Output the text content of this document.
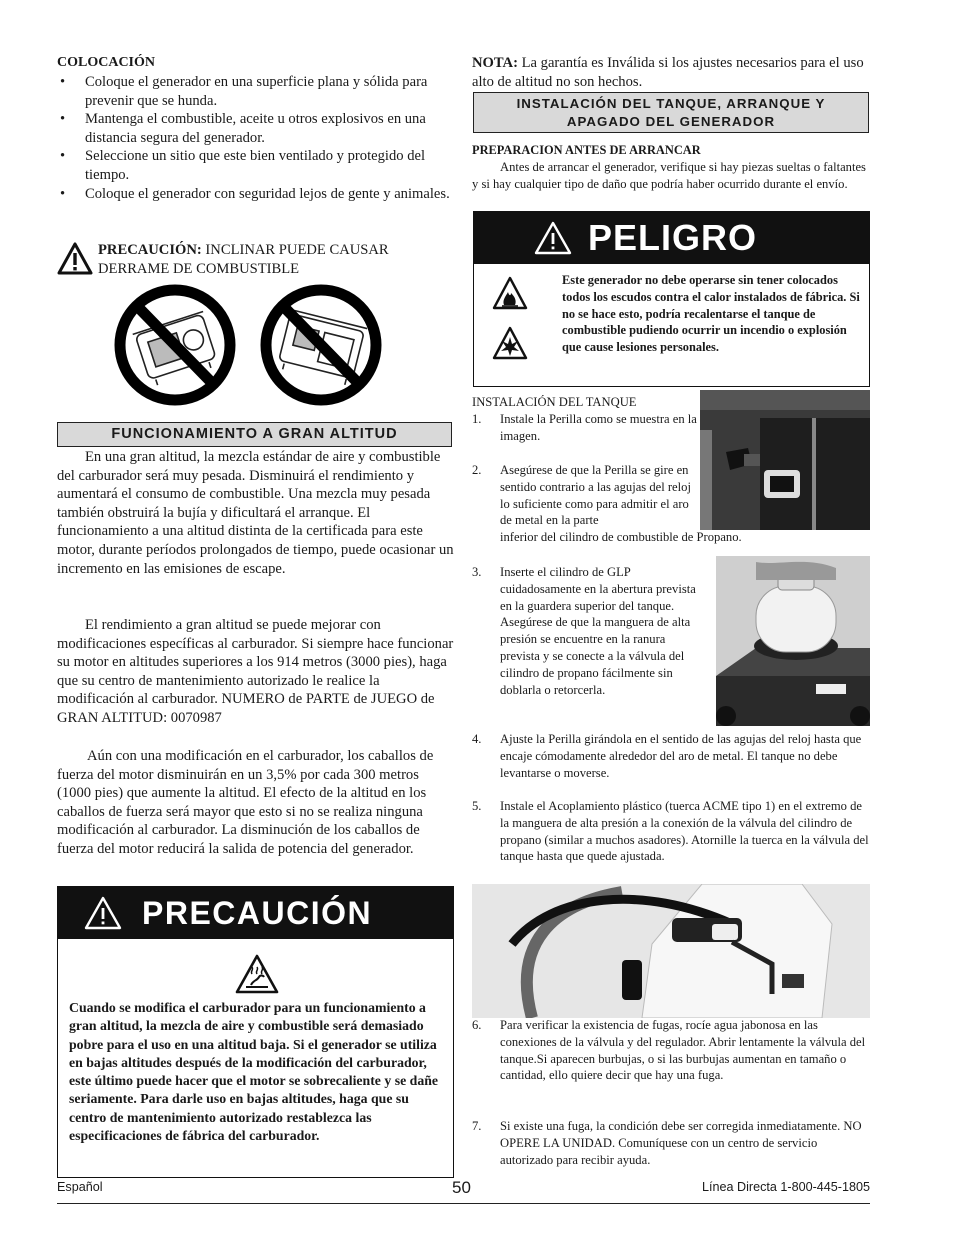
COLOCACIÓN
• Coloque el generador en una superficie plana y sólida para prevenir que se hunda.
• Mantenga el combustible, aceite u otros explosivos en una distancia segura del generador.
• Seleccione un sitio que este bien ventilado y protegido del tiempo.
• Coloque el generador con seguridad lejos de gente y animales.
PRECAUCIÓN: INCLINAR PUEDE CAUSAR
DERRAME DE COMBUSTIBLE
FUNCIONAMIENTO A GRAN ALTITUD

En una gran altitud, la mezcla estándar de aire y combustible del carburador será muy pesada. Disminuirá el rendimiento y aumentará el consumo de combustible. Una mezcla muy pesada también obstruirá la bujía y dificultará el arranque. El funcionamiento a una altitud distinta de la certificada para este motor, durante períodos prolongados de tiempo, puede ocasionar un incremento en las emisiones de escape.

El rendimiento a gran altitud se puede mejorar con modificaciones específicas al carburador. Si siempre hace funcionar su motor en altitudes superiores a los 914 metros (3000 pies), haga que su centro de mantenimiento autorizado le realice la modificación al carburador. NUMERO de PARTE de JUEGO de GRAN ALTITUD: 0070987

Aún con una modificación en el carburador, los caballos de fuerza del motor disminuirán en un 3,5% por cada 300 metros (1000 pies) que aumente la altitud. El efecto de la altitud en los caballos de fuerza será mayor que esto si no se realiza ninguna modificación al carburador. La disminución de los caballos de fuerza del motor reducirá la salida de potencia del generador.

PRECAUCIÓN

Cuando se modifica el carburador para un funcionamiento a gran altitud, la mezcla de aire y combustible será demasiado pobre para el uso en una altitud baja. Si el generador se utiliza en bajas altitudes después de la modificación del carburador, este último puede hacer que el motor se sobrecaliente y se dañe seriamente. Para darle uso en bajas altitudes, haga que su centro de mantenimiento autorizado restablezca las especificaciones de fábrica del carburador.

NOTA: La garantía es Inválida si los ajustes necesarios para el uso alto de altitud no son hechos.

INSTALACIÓN DEL TANQUE, ARRANQUE Y
APAGADO DEL GENERADOR
PREPARACION ANTES DE ARRANCAR

Antes de arrancar el generador, verifique si hay piezas sueltas o faltantes y si hay cualquier tipo de daño que podría haber ocurrido durante el envío.

PELIGRO

Este generador no debe operarse sin tener colocados todos los escudos contra el calor instalados de fábrica. Si no se hace esto, podría recalentarse el tanque de combustible pudiendo ocurrir un incendio o explosión que cause lesiones personales.

INSTALACIÓN DEL TANQUE
1. Instale la Perilla como se muestra en la imagen.
2. Asegúrese de que la Perilla se gire en sentido contrario a las agujas del reloj lo suficiente como para admitir el aro de metal en la parte
inferior del cilindro de combustible de Propano.
3. Inserte el cilindro de GLP cuidadosamente en la abertura prevista en la guardera superior del tanque. Asegúrese de que la manguera de alta presión se encuentre en la ranura prevista y se conecte a la válvula del cilindro de propano fácilmente sin doblarla o retorcerla.
4. Ajuste la Perilla girándola en el sentido de las agujas del reloj hasta que encaje cómodamente alrededor del aro de metal. El tanque no debe levantarse o moverse.
5. Instale el Acoplamiento plástico (tuerca ACME tipo 1) en el extremo de la manguera de alta presión a la conexión de la válvula del cilindro de propano (similar a muchos asadores). Atornille la tuerca en la válvula del tanque hasta que quede ajustada.
6. Para verificar la existencia de fugas, rocíe agua jabonosa en las conexiones de la válvula y del regulador. Abrir lentamente la válvula del tanque.Si aparecen burbujas, o si las burbujas aumentan en tamaño o cantidad, ello quiere decir que hay una fuga.
7. Si existe una fuga, la condición debe ser corregida inmediatamente. NO OPERE LA UNIDAD. Comuníquese con un centro de servicio autorizado para recibir ayuda.
Español	50	Línea Directa 1-800-445-1805
